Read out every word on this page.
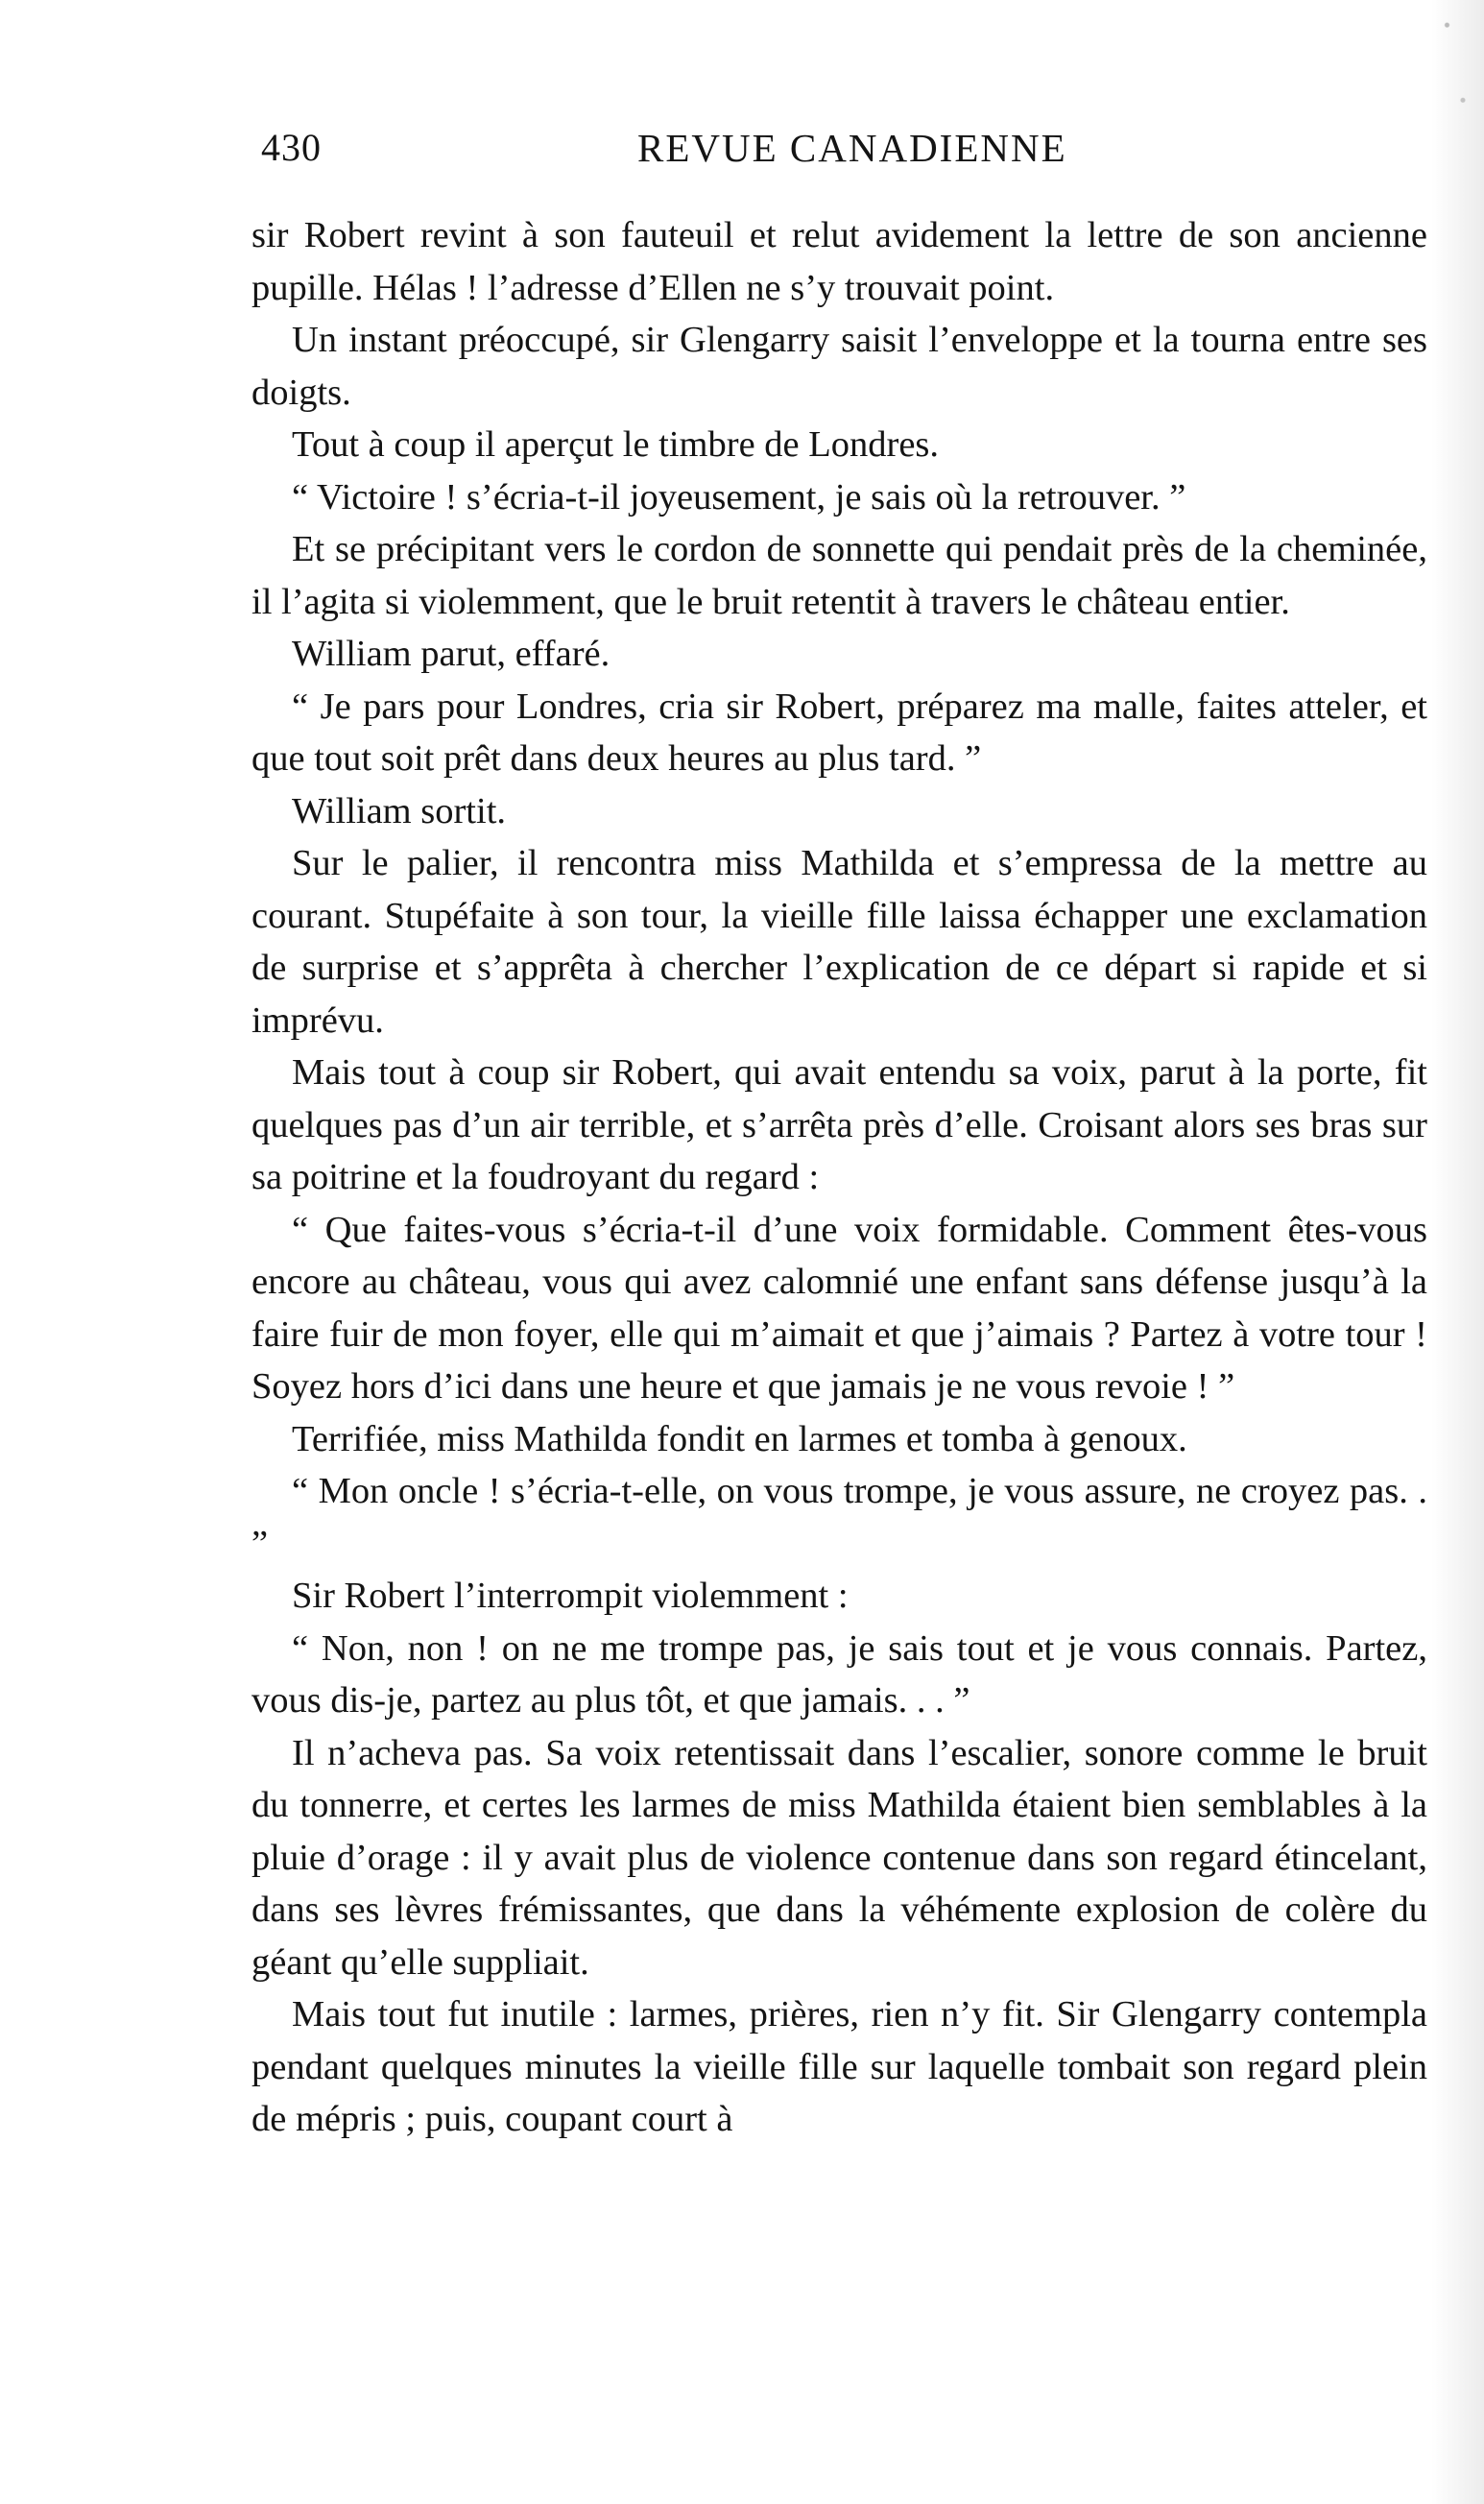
430	REVUE CANADIENNE

sir Robert revint à son fauteuil et relut avidement la lettre de son ancienne pupille. Hélas ! l’adresse d’Ellen ne s’y trouvait point.

Un instant préoccupé, sir Glengarry saisit l’enveloppe et la tourna entre ses doigts.

Tout à coup il aperçut le timbre de Londres.

“ Victoire ! s’écria-t-il joyeusement, je sais où la retrouver. ”

Et se précipitant vers le cordon de sonnette qui pendait près de la cheminée, il l’agita si violemment, que le bruit retentit à travers le château entier.

William parut, effaré.

“ Je pars pour Londres, cria sir Robert, préparez ma malle, faites atteler, et que tout soit prêt dans deux heures au plus tard. ”

William sortit.

Sur le palier, il rencontra miss Mathilda et s’empressa de la mettre au courant. Stupéfaite à son tour, la vieille fille laissa échapper une exclamation de surprise et s’apprêta à chercher l’explication de ce départ si rapide et si imprévu.

Mais tout à coup sir Robert, qui avait entendu sa voix, parut à la porte, fit quelques pas d’un air terrible, et s’arrêta près d’elle. Croisant alors ses bras sur sa poitrine et la foudroyant du regard :

“ Que faites-vous s’écria-t-il d’une voix formidable. Comment êtes-vous encore au château, vous qui avez calomnié une enfant sans défense jusqu’à la faire fuir de mon foyer, elle qui m’aimait et que j’aimais ? Partez à votre tour ! Soyez hors d’ici dans une heure et que jamais je ne vous revoie ! ”

Terrifiée, miss Mathilda fondit en larmes et tomba à genoux.

“ Mon oncle ! s’écria-t-elle, on vous trompe, je vous assure, ne croyez pas. . ”

Sir Robert l’interrompit violemment :

“ Non, non ! on ne me trompe pas, je sais tout et je vous connais. Partez, vous dis-je, partez au plus tôt, et que jamais. . . ”

Il n’acheva pas. Sa voix retentissait dans l’escalier, sonore comme le bruit du tonnerre, et certes les larmes de miss Mathilda étaient bien semblables à la pluie d’orage : il y avait plus de violence contenue dans son regard étincelant, dans ses lèvres frémissantes, que dans la véhémente explosion de colère du géant qu’elle suppliait.

Mais tout fut inutile : larmes, prières, rien n’y fit. Sir Glengarry contempla pendant quelques minutes la vieille fille sur laquelle tombait son regard plein de mépris ; puis, coupant court à
